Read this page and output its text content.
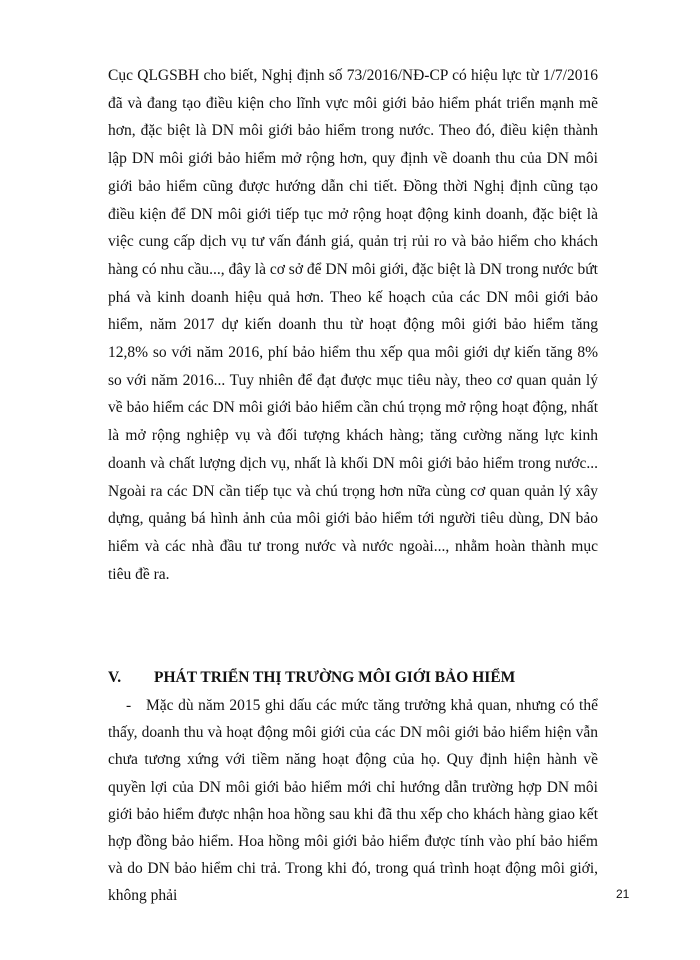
Cục QLGSBH cho biết, Nghị định số 73/2016/NĐ-CP có hiệu lực từ 1/7/2016 đã và đang tạo điều kiện cho lĩnh vực môi giới bảo hiểm phát triển mạnh mẽ hơn, đặc biệt là DN môi giới bảo hiểm trong nước. Theo đó, điều kiện thành lập DN môi giới bảo hiểm mở rộng hơn, quy định về doanh thu của DN môi giới bảo hiểm cũng được hướng dẫn chi tiết. Đồng thời Nghị định cũng tạo điều kiện để DN môi giới tiếp tục mở rộng hoạt động kinh doanh, đặc biệt là việc cung cấp dịch vụ tư vấn đánh giá, quản trị rủi ro và bảo hiểm cho khách hàng có nhu cầu..., đây là cơ sở để DN môi giới, đặc biệt là DN trong nước bứt phá và kinh doanh hiệu quả hơn. Theo kế hoạch của các DN môi giới bảo hiểm, năm 2017 dự kiến doanh thu từ hoạt động môi giới bảo hiểm tăng 12,8% so với năm 2016, phí bảo hiểm thu xếp qua môi giới dự kiến tăng 8% so với năm 2016... Tuy nhiên để đạt được mục tiêu này, theo cơ quan quản lý về bảo hiểm các DN môi giới bảo hiểm cần chú trọng mở rộng hoạt động, nhất là mở rộng nghiệp vụ và đối tượng khách hàng; tăng cường năng lực kinh doanh và chất lượng dịch vụ, nhất là khối DN môi giới bảo hiểm trong nước... Ngoài ra các DN cần tiếp tục và chú trọng hơn nữa cùng cơ quan quản lý xây dựng, quảng bá hình ảnh của môi giới bảo hiểm tới người tiêu dùng, DN bảo hiểm và các nhà đầu tư trong nước và nước ngoài..., nhằm hoàn thành mục tiêu đề ra.

V. PHÁT TRIỂN THỊ TRƯỜNG MÔI GIỚI BẢO HIỂM

- Mặc dù năm 2015 ghi dấu các mức tăng trưởng khả quan, nhưng có thể thấy, doanh thu và hoạt động môi giới của các DN môi giới bảo hiểm hiện vẫn chưa tương xứng với tiềm năng hoạt động của họ. Quy định hiện hành về quyền lợi của DN môi giới bảo hiểm mới chỉ hướng dẫn trường hợp DN môi giới bảo hiểm được nhận hoa hồng sau khi đã thu xếp cho khách hàng giao kết hợp đồng bảo hiểm. Hoa hồng môi giới bảo hiểm được tính vào phí bảo hiểm và do DN bảo hiểm chi trả. Trong khi đó, trong quá trình hoạt động môi giới, không phải	21
